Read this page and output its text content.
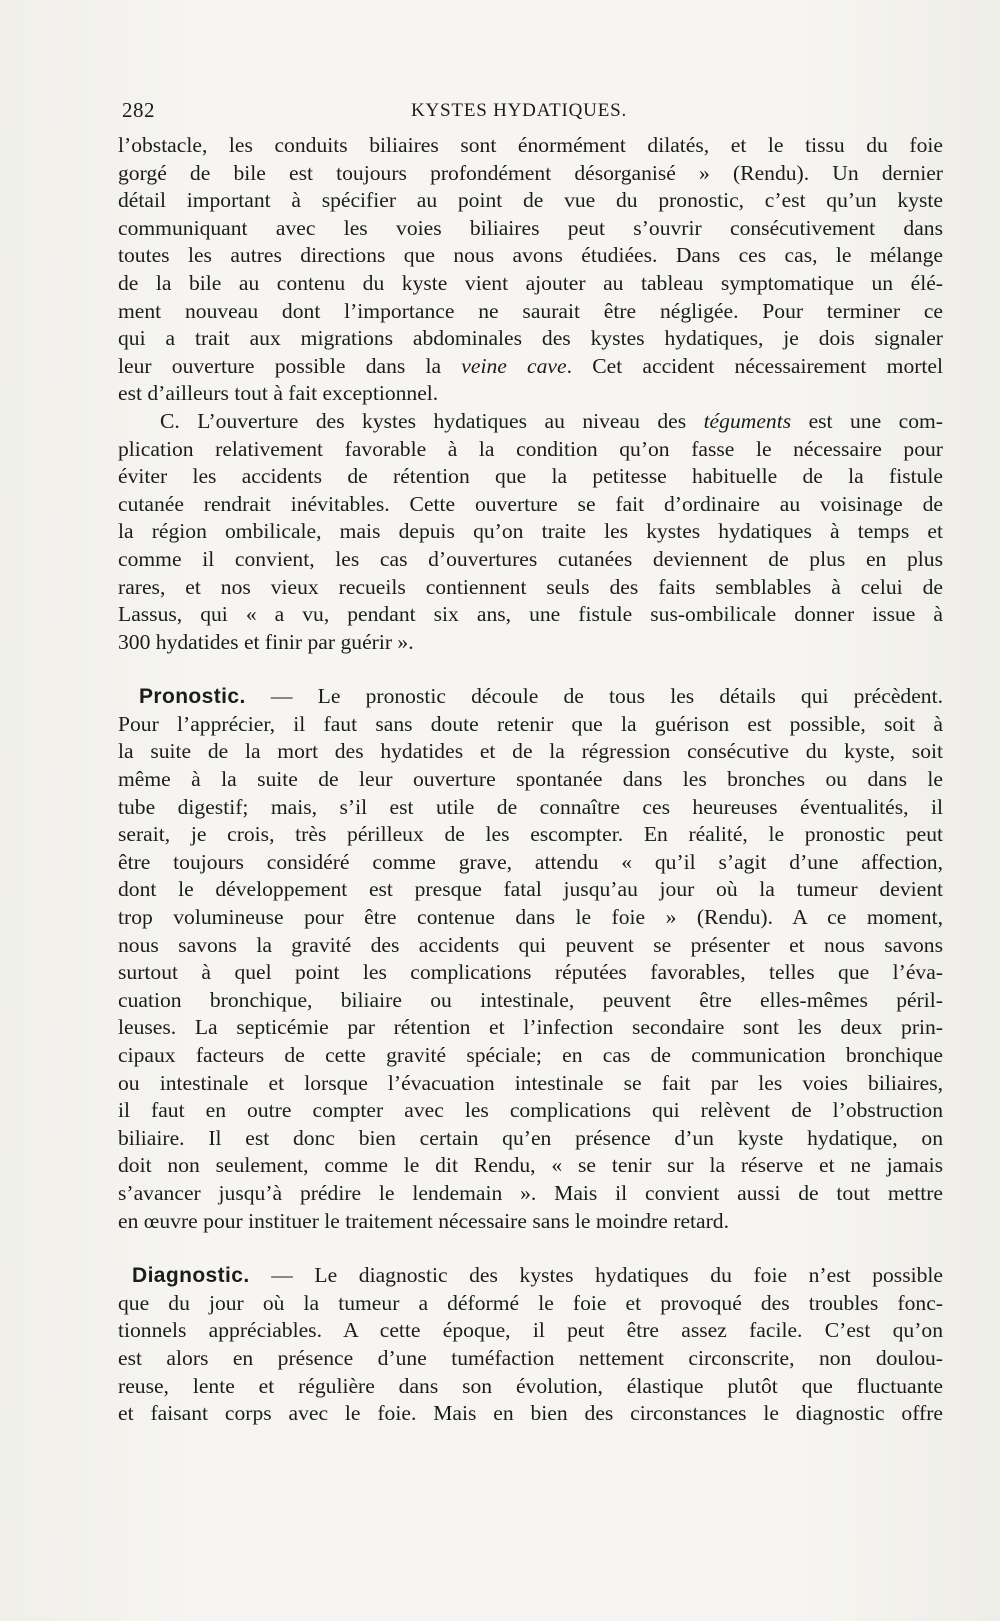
282	KYSTES HYDATIQUES.
l’obstacle, les conduits biliaires sont énormément dilatés, et le tissu du foie
gorgé de bile est toujours profondément désorganisé » (Rendu). Un dernier
détail important à spécifier au point de vue du pronostic, c’est qu’un kyste
communiquant avec les voies biliaires peut s’ouvrir consécutivement dans
toutes les autres directions que nous avons étudiées. Dans ces cas, le mélange
de la bile au contenu du kyste vient ajouter au tableau symptomatique un élé-
ment nouveau dont l’importance ne saurait être négligée. Pour terminer ce
qui a trait aux migrations abdominales des kystes hydatiques, je dois signaler
leur ouverture possible dans la veine cave. Cet accident nécessairement mortel
est d’ailleurs tout à fait exceptionnel.
C. L’ouverture des kystes hydatiques au niveau des téguments est une com-
plication relativement favorable à la condition qu’on fasse le nécessaire pour
éviter les accidents de rétention que la petitesse habituelle de la fistule
cutanée rendrait inévitables. Cette ouverture se fait d’ordinaire au voisinage de
la région ombilicale, mais depuis qu’on traite les kystes hydatiques à temps et
comme il convient, les cas d’ouvertures cutanées deviennent de plus en plus
rares, et nos vieux recueils contiennent seuls des faits semblables à celui de
Lassus, qui « a vu, pendant six ans, une fistule sus-ombilicale donner issue à
300 hydatides et finir par guérir ».
Pronostic. — Le pronostic découle de tous les détails qui précèdent.
Pour l’apprécier, il faut sans doute retenir que la guérison est possible, soit à
la suite de la mort des hydatides et de la régression consécutive du kyste, soit
même à la suite de leur ouverture spontanée dans les bronches ou dans le
tube digestif; mais, s’il est utile de connaître ces heureuses éventualités, il
serait, je crois, très périlleux de les escompter. En réalité, le pronostic peut
être toujours considéré comme grave, attendu « qu’il s’agit d’une affection,
dont le développement est presque fatal jusqu’au jour où la tumeur devient
trop volumineuse pour être contenue dans le foie » (Rendu). A ce moment,
nous savons la gravité des accidents qui peuvent se présenter et nous savons
surtout à quel point les complications réputées favorables, telles que l’éva-
cuation bronchique, biliaire ou intestinale, peuvent être elles-mêmes péril-
leuses. La septicémie par rétention et l’infection secondaire sont les deux prin-
cipaux facteurs de cette gravité spéciale; en cas de communication bronchique
ou intestinale et lorsque l’évacuation intestinale se fait par les voies biliaires,
il faut en outre compter avec les complications qui relèvent de l’obstruction
biliaire. Il est donc bien certain qu’en présence d’un kyste hydatique, on
doit non seulement, comme le dit Rendu, « se tenir sur la réserve et ne jamais
s’avancer jusqu’à prédire le lendemain ». Mais il convient aussi de tout mettre
en œuvre pour instituer le traitement nécessaire sans le moindre retard.
Diagnostic. — Le diagnostic des kystes hydatiques du foie n’est possible
que du jour où la tumeur a déformé le foie et provoqué des troubles fonc-
tionnels appréciables. A cette époque, il peut être assez facile. C’est qu’on
est alors en présence d’une tuméfaction nettement circonscrite, non doulou-
reuse, lente et régulière dans son évolution, élastique plutôt que fluctuante
et faisant corps avec le foie. Mais en bien des circonstances le diagnostic offre
